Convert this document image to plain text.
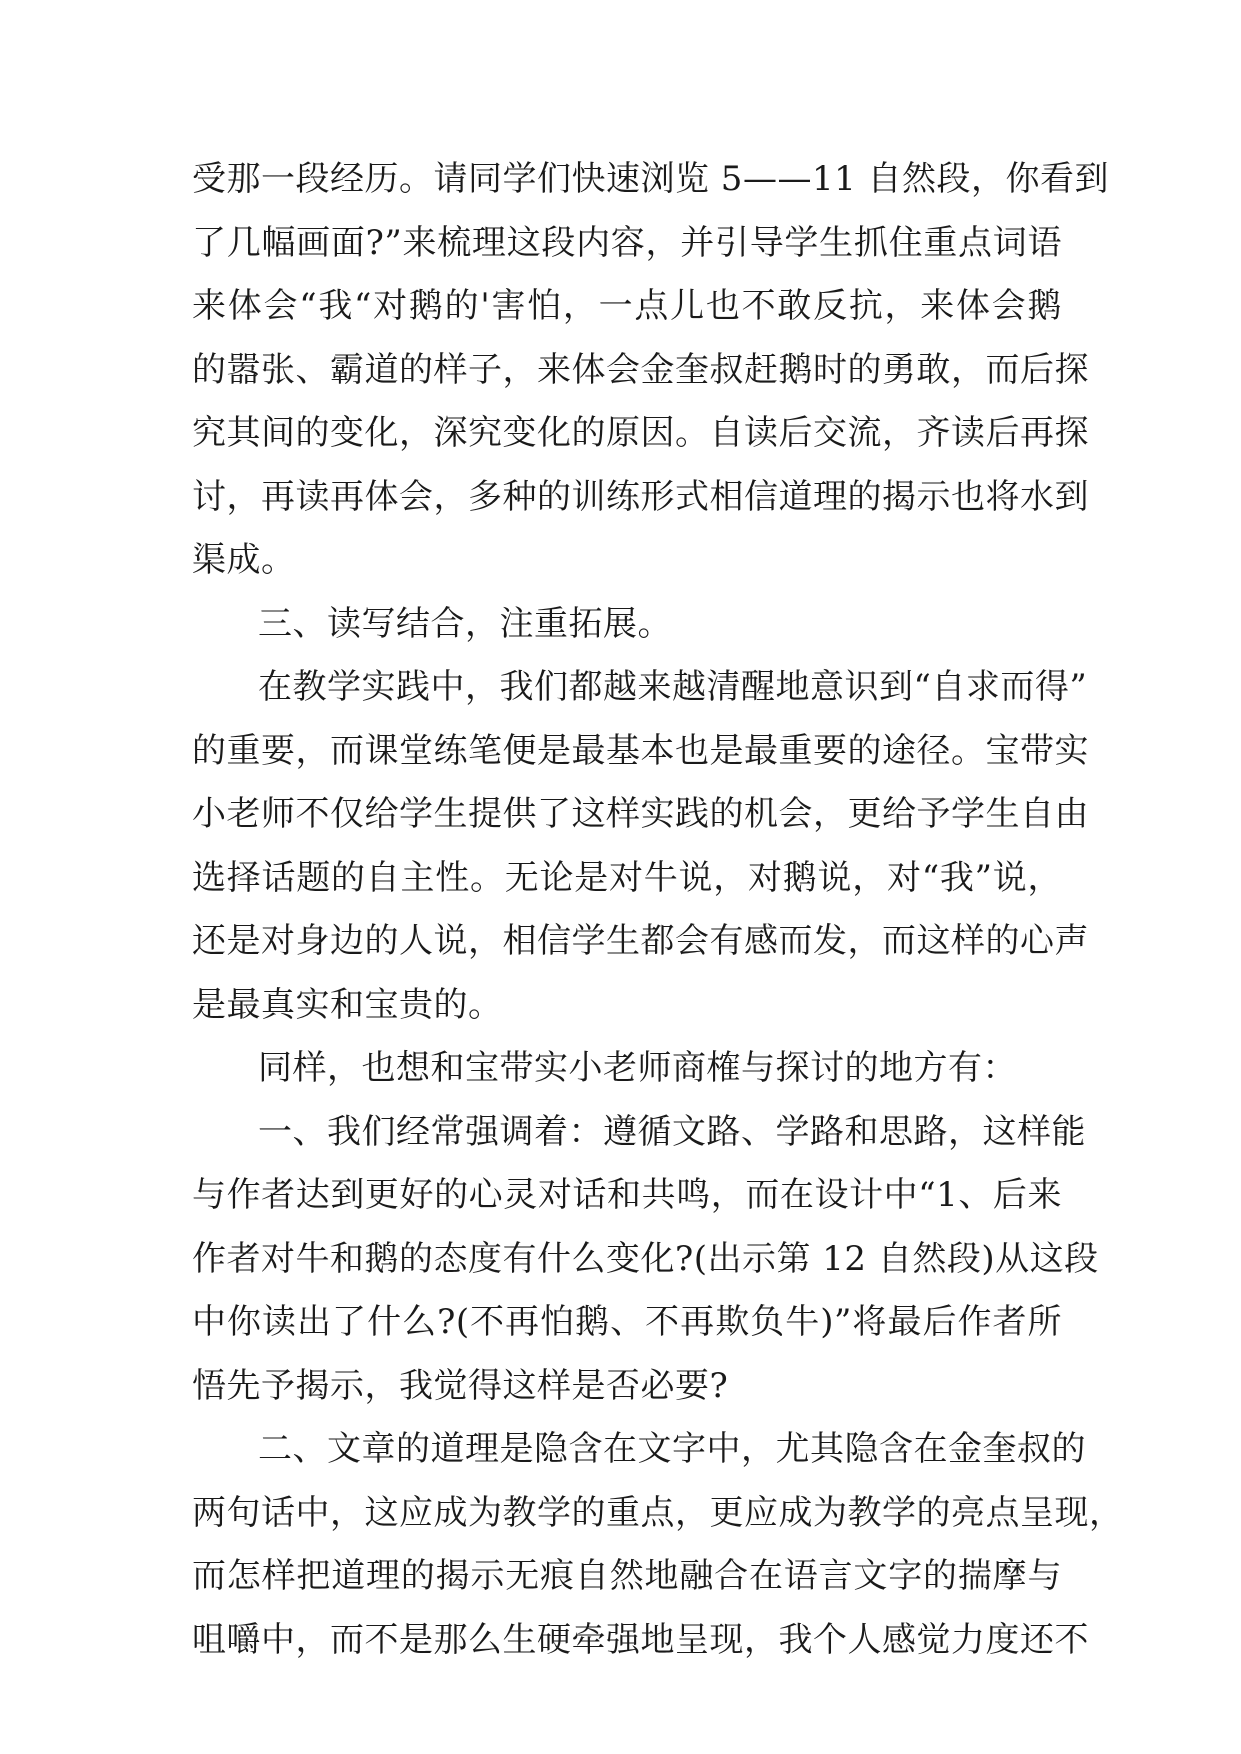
受那一段经历。请同学们快速浏览 5——11 自然段，你看到
了几幅画面?”来梳理这段内容，并引导学生抓住重点词语
来体会“我“对鹅的'害怕，一点儿也不敢反抗，来体会鹅
的嚣张、霸道的样子，来体会金奎叔赶鹅时的勇敢，而后探
究其间的变化，深究变化的原因。自读后交流，齐读后再探
讨，再读再体会，多种的训练形式相信道理的揭示也将水到
渠成。
三、读写结合，注重拓展。
在教学实践中，我们都越来越清醒地意识到“自求而得”
的重要，而课堂练笔便是最基本也是最重要的途径。宝带实
小老师不仅给学生提供了这样实践的机会，更给予学生自由
选择话题的自主性。无论是对牛说，对鹅说，对“我”说，
还是对身边的人说，相信学生都会有感而发，而这样的心声
是最真实和宝贵的。
同样，也想和宝带实小老师商榷与探讨的地方有：
一、我们经常强调着：遵循文路、学路和思路，这样能
与作者达到更好的心灵对话和共鸣，而在设计中“1、后来
作者对牛和鹅的态度有什么变化?(出示第 12 自然段)从这段
中你读出了什么?(不再怕鹅、不再欺负牛)”将最后作者所
悟先予揭示，我觉得这样是否必要?
二、文章的道理是隐含在文字中，尤其隐含在金奎叔的
两句话中，这应成为教学的重点，更应成为教学的亮点呈现，
而怎样把道理的揭示无痕自然地融合在语言文字的揣摩与
咀嚼中，而不是那么生硬牵强地呈现，我个人感觉力度还不
